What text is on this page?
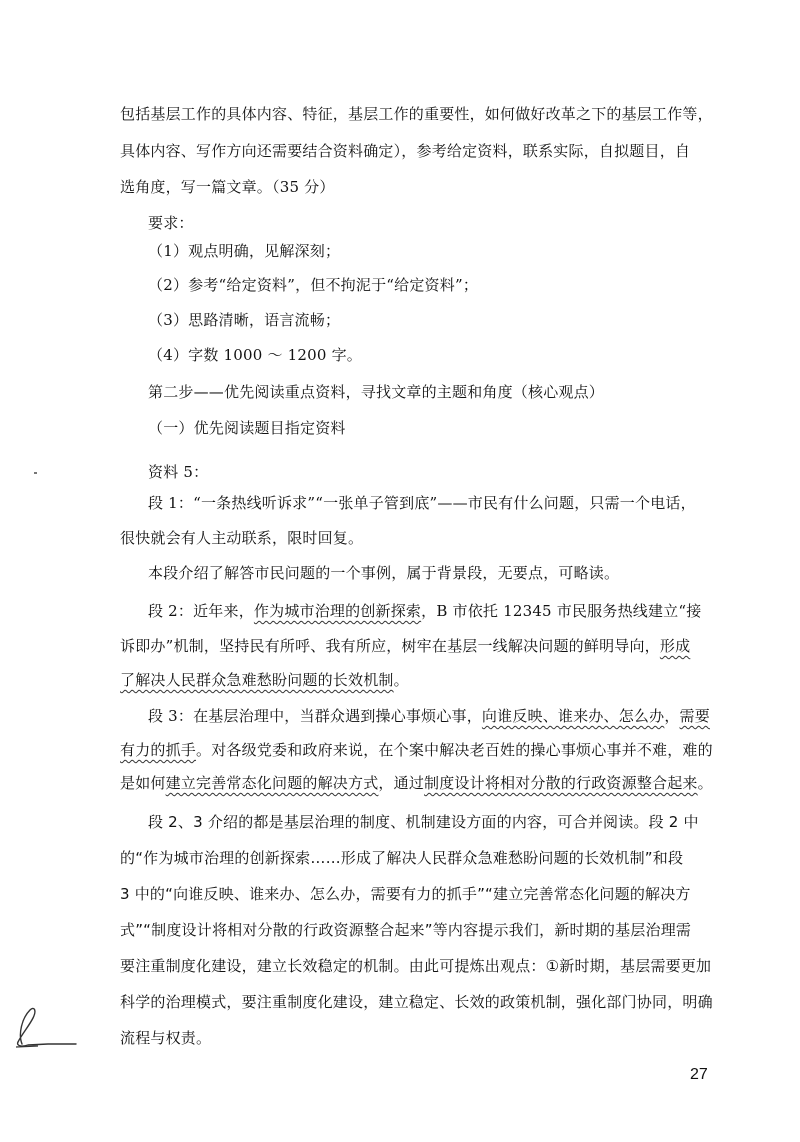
包括基层工作的具体内容、特征，基层工作的重要性，如何做好改革之下的基层工作等，
具体内容、写作方向还需要结合资料确定），参考给定资料，联系实际，自拟题目，自
选角度，写一篇文章。（35 分）
要求：
（1）观点明确，见解深刻；
（2）参考“给定资料”，但不拘泥于“给定资料”；
（3）思路清晰，语言流畅；
（4）字数 1000 ～ 1200 字。
第二步——优先阅读重点资料，寻找文章的主题和角度（核心观点）
（一）优先阅读题目指定资料
资料 5：
段 1：“一条热线听诉求”“一张单子管到底”——市民有什么问题，只需一个电话，
很快就会有人主动联系，限时回复。
本段介绍了解答市民问题的一个事例，属于背景段，无要点，可略读。
段 2：近年来，作为城市治理的创新探索，B 市依托 12345 市民服务热线建立“接
诉即办”机制，坚持民有所呼、我有所应，树牢在基层一线解决问题的鲜明导向，形成
了解决人民群众急难愁盼问题的长效机制。
段 3：在基层治理中，当群众遇到操心事烦心事，向谁反映、谁来办、怎么办，需要
有力的抓手。对各级党委和政府来说，在个案中解决老百姓的操心事烦心事并不难，难的
是如何建立完善常态化问题的解决方式，通过制度设计将相对分散的行政资源整合起来。
段 2、3 介绍的都是基层治理的制度、机制建设方面的内容，可合并阅读。段 2 中
的“作为城市治理的创新探索……形成了解决人民群众急难愁盼问题的长效机制”和段
3 中的“向谁反映、谁来办、怎么办，需要有力的抓手”“建立完善常态化问题的解决方
式”“制度设计将相对分散的行政资源整合起来”等内容提示我们，新时期的基层治理需
要注重制度化建设，建立长效稳定的机制。由此可提炼出观点：①新时期，基层需要更加
科学的治理模式，要注重制度化建设，建立稳定、长效的政策机制，强化部门协同，明确
流程与权责。
27
